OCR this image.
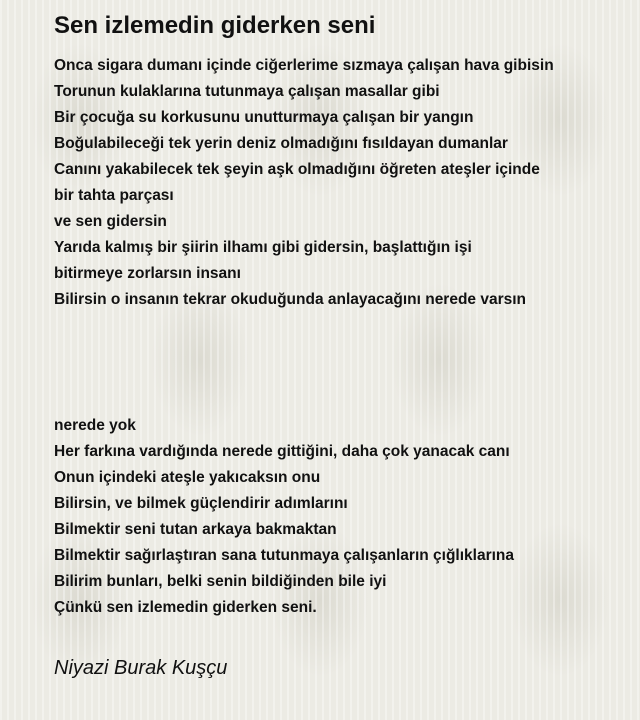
Sen izlemedin giderken seni
Onca sigara dumanı içinde ciğerlerime sızmaya çalışan hava gibisin
Torunun kulaklarına tutunmaya çalışan masallar gibi
Bir çocuğa su korkusunu unutturmaya çalışan bir yangın
Boğulabileceği tek yerin deniz olmadığını fısıldayan dumanlar
Canını yakabilecek tek şeyin aşk olmadığını öğreten ateşler içinde
bir tahta parçası
ve sen gidersin
Yarıda kalmış bir şiirin ilhamı gibi gidersin, başlattığın işi
bitirmeye zorlarsın insanı
Bilirsin o insanın tekrar okuduğunda anlayacağını nerede varsın
nerede yok
Her farkına vardığında nerede gittiğini, daha çok yanacak canı
Onun içindeki ateşle yakıcaksın onu
Bilirsin, ve bilmek güçlendirir adımlarını
Bilmektir seni tutan arkaya bakmaktan
Bilmektir sağırlaştıran sana tutunmaya çalışanların çığlıklarına
Bilirim bunları, belki senin bildiğinden bile iyi
Çünkü sen izlemedin giderken seni.

Niyazi Burak Kuşçu
